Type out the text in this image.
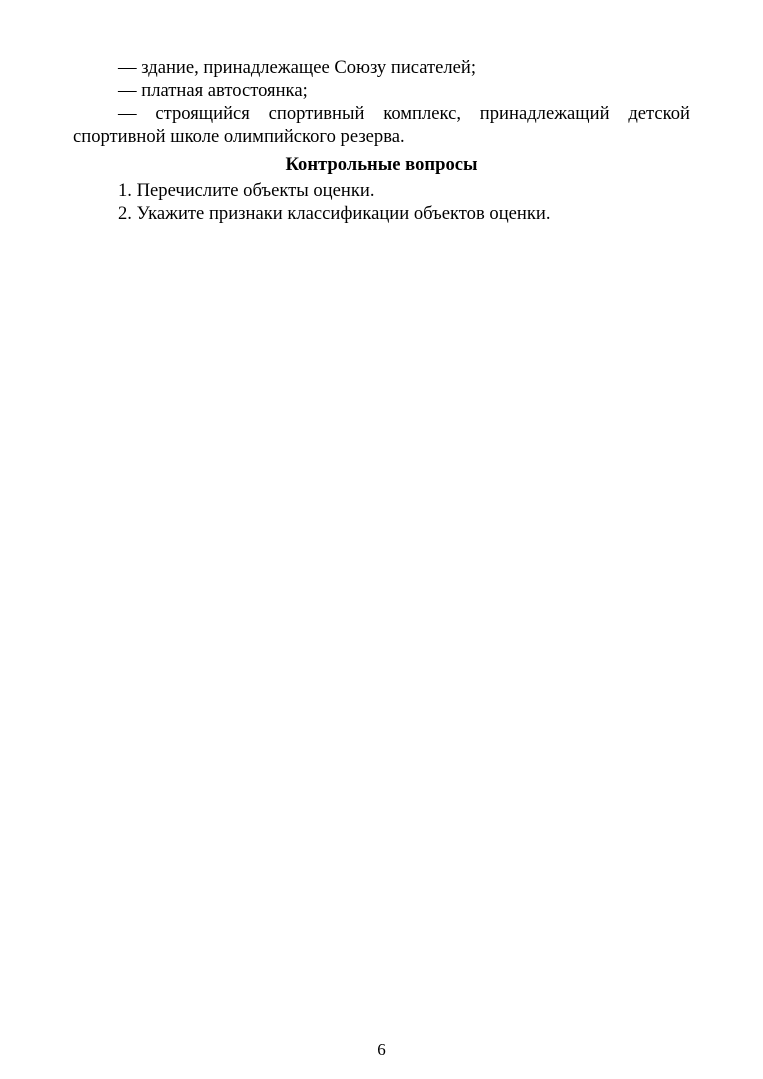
— здание, принадлежащее Союзу писателей;

— платная автостоянка;

— строящийся спортивный комплекс, принадлежащий детской спортивной школе олимпийского резерва.

Контрольные вопросы

1. Перечислите объекты оценки.

2. Укажите признаки классификации объектов оценки.

6
